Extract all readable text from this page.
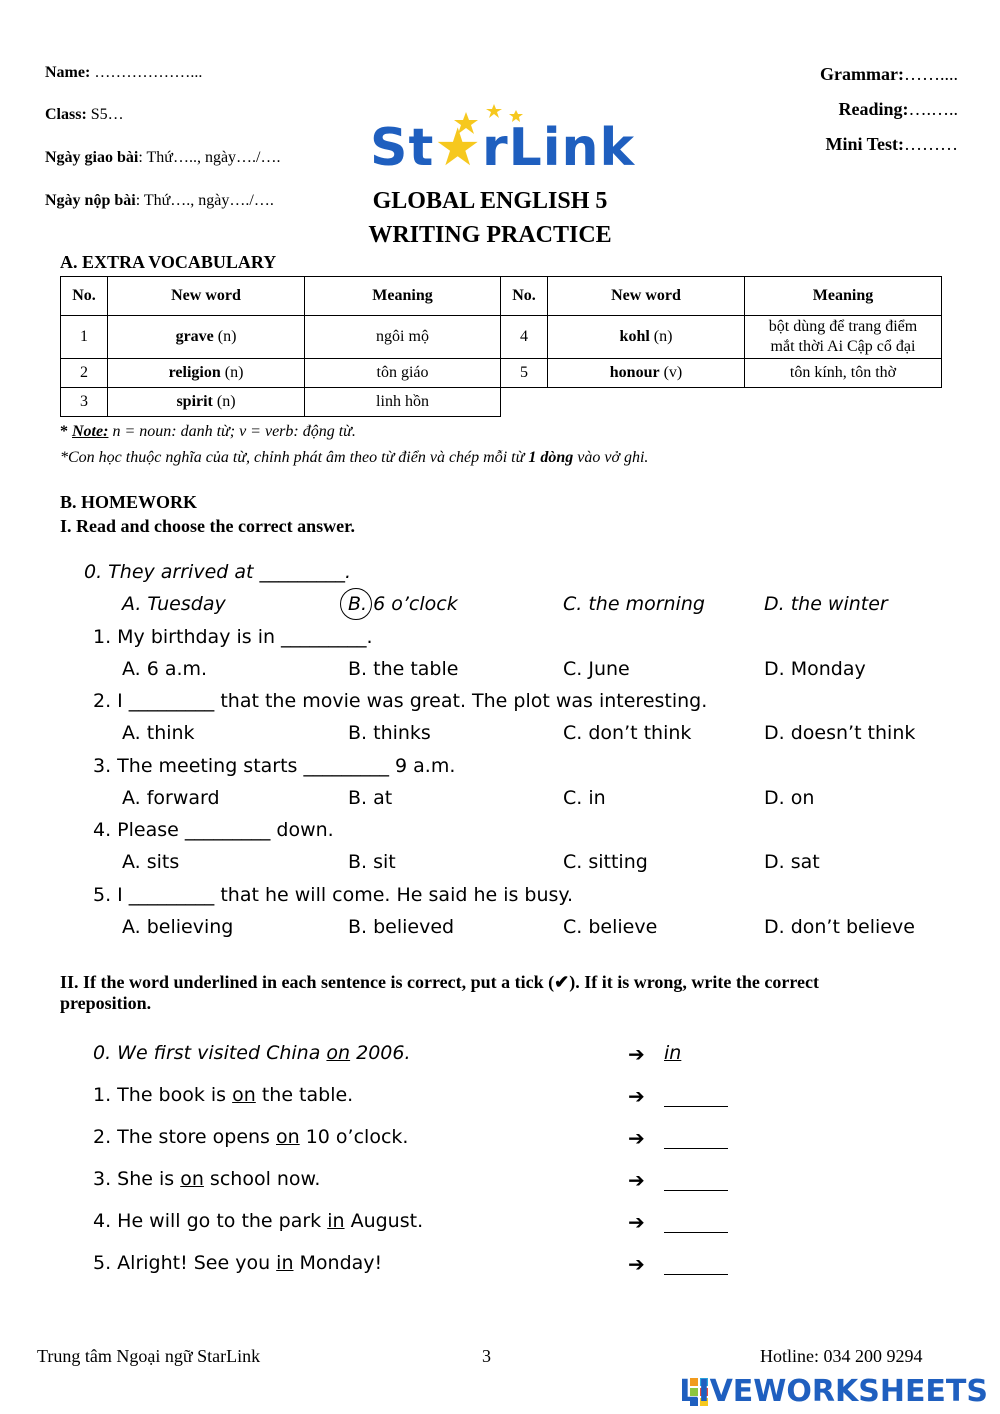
Name: ………………...
Class: S5…
Ngày giao bài: Thứ….., ngày…./….
Ngày nộp bài: Thứ…., ngày…./….
Grammar:……....
Reading:….…..
Mini Test:………
St★rLink
GLOBAL ENGLISH 5
WRITING PRACTICE
A. EXTRA VOCABULARY
No.	New word	Meaning	No.	New word	Meaning
1	grave (n)	ngôi mộ	4	kohl (n)	bột dùng để trang điểm
mắt thời Ai Cập cổ đại

2	religion (n)	tôn giáo	5	honour (v)	tôn kính, tôn thờ
3	spirit (n)	linh hồn			
* Note: n = noun: danh từ; v = verb: động từ.
*Con học thuộc nghĩa của từ, chỉnh phát âm theo từ điển và chép mỗi từ 1 dòng vào vở ghi.
B. HOMEWORK
I. Read and choose the correct answer.
0. They arrived at _________.
A. Tuesday	B. 6 o’clock	C. the morning	D. the winter
1. My birthday is in _________.
A. 6 a.m.	B. the table	C. June	D. Monday
2. I _________ that the movie was great. The plot was interesting.
A. think	B. thinks	C. don’t think	D. doesn’t think
3. The meeting starts _________ 9 a.m.
A. forward	B. at	C. in	D. on
4. Please _________ down.
A. sits	B. sit	C. sitting	D. sat
5. I _________ that he will come. He said he is busy.
A. believing	B. believed	C. believe	D. don’t believe
II. If the word underlined in each sentence is correct, put a tick (✔). If it is wrong, write the correct
preposition.
0. We first visited China on 2006.	➔ in
1. The book is on the table.	➔
2. The store opens on 10 o’clock.	➔
3. She is on school now.	➔
4. He will go to the park in August.	➔
5. Alright! See you in Monday!	➔
Trung tâm Ngoại ngữ StarLink	3	Hotline: 034 200 9294
LIVEWORKSHEETS
